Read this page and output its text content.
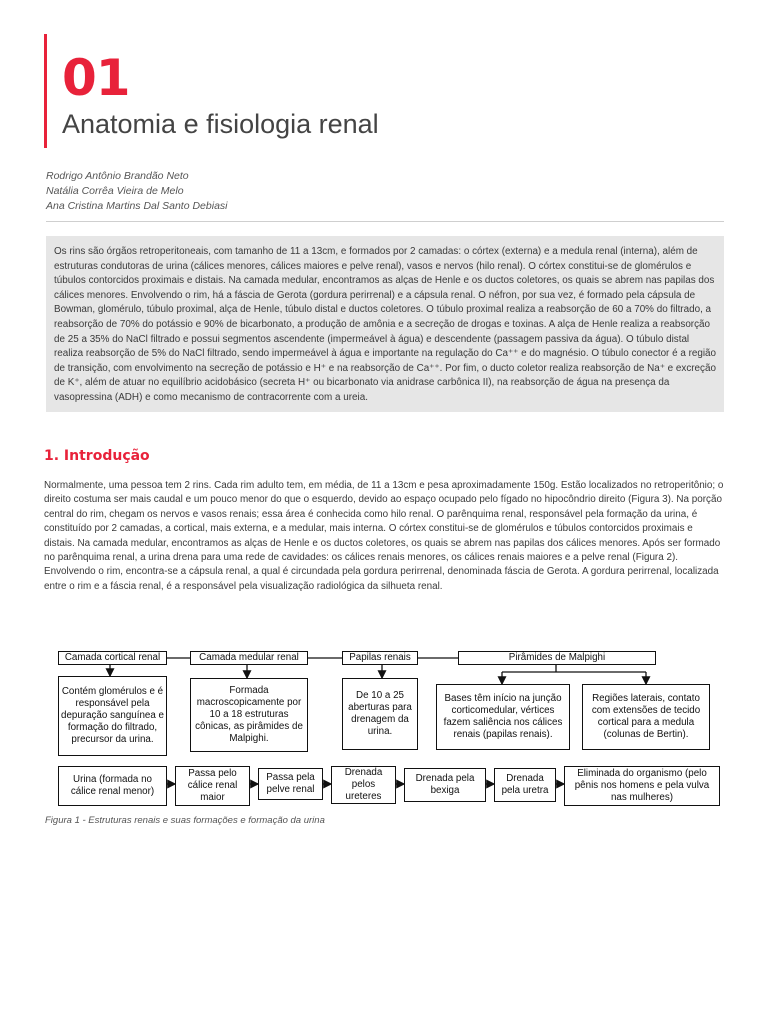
01
Anatomia e fisiologia renal
Rodrigo Antônio Brandão Neto
Natália Corrêa Vieira de Melo
Ana Cristina Martins Dal Santo Debiasi
Os rins são órgãos retroperitoneais, com tamanho de 11 a 13cm, e formados por 2 camadas: o córtex (externa) e a medula renal (interna), além de estruturas condutoras de urina (cálices menores, cálices maiores e pelve renal), vasos e nervos (hilo renal). O córtex constitui-se de glomérulos e túbulos contorcidos proximais e distais. Na camada medular, encontramos as alças de Henle e os ductos coletores, os quais se abrem nas papilas dos cálices menores. Envolvendo o rim, há a fáscia de Gerota (gordura perirrenal) e a cápsula renal. O néfron, por sua vez, é formado pela cápsula de Bowman, glomérulo, túbulo proximal, alça de Henle, túbulo distal e ductos coletores. O túbulo proximal realiza a reabsorção de 60 a 70% do filtrado, a reabsorção de 70% do potássio e 90% de bicarbonato, a produção de amônia e a secreção de drogas e toxinas. A alça de Henle realiza a reabsorção de 25 a 35% do NaCl filtrado e possui segmentos ascendente (impermeável à água) e descendente (passagem passiva da água). O túbulo distal realiza reabsorção de 5% do NaCl filtrado, sendo impermeável à água e importante na regulação do Ca⁺⁺ e do magnésio. O túbulo conector é a região de transição, com envolvimento na secreção de potássio e H⁺ e na reabsorção de Ca⁺⁺. Por fim, o ducto coletor realiza reabsorção de Na⁺ e excreção de K⁺, além de atuar no equilíbrio acidobásico (secreta H⁺ ou bicarbonato via anidrase carbônica II), na reabsorção de água na presença da vasopressina (ADH) e como mecanismo de contracorrente com a ureia.
1. Introdução
Normalmente, uma pessoa tem 2 rins. Cada rim adulto tem, em média, de 11 a 13cm e pesa aproximadamente 150g. Estão localizados no retroperitônio; o direito costuma ser mais caudal e um pouco menor do que o esquerdo, devido ao espaço ocupado pelo fígado no hipocôndrio direito (Figura 3). Na porção central do rim, chegam os nervos e vasos renais; essa área é conhecida como hilo renal. O parênquima renal, responsável pela formação da urina, é constituído por 2 camadas, a cortical, mais externa, e a medular, mais interna. O córtex constitui-se de glomérulos e túbulos contorcidos proximais e distais. Na camada medular, encontramos as alças de Henle e os ductos coletores, os quais se abrem nas papilas dos cálices menores. Após ser formado no parênquima renal, a urina drena para uma rede de cavidades: os cálices renais menores, os cálices renais maiores e a pelve renal (Figura 2). Envolvendo o rim, encontra-se a cápsula renal, a qual é circundada pela gordura perirrenal, denominada fáscia de Gerota. A gordura perirrenal, localizada entre o rim e a fáscia renal, é a responsável pela visualização radiológica da silhueta renal.
Camada cortical renal	Camada medular renal	Papilas renais	Pirâmides de Malpighi
Contém glomérulos e é responsável pela depuração sanguínea e formação do filtrado, precursor da urina.
Formada macroscopicamente por 10 a 18 estruturas cônicas, as pirâmides de Malpighi.
De 10 a 25 aberturas para drenagem da urina.
Bases têm início na junção corticomedular, vértices fazem saliência nos cálices renais (papilas renais).
Regiões laterais, contato com extensões de tecido cortical para a medula (colunas de Bertin).
Urina (formada no cálice renal menor)
Passa pelo cálice renal maior
Passa pela pelve renal
Drenada pelos ureteres
Drenada pela bexiga
Drenada pela uretra
Eliminada do organismo (pelo pênis nos homens e pela vulva nas mulheres)
Figura 1 - Estruturas renais e suas formações e formação da urina
